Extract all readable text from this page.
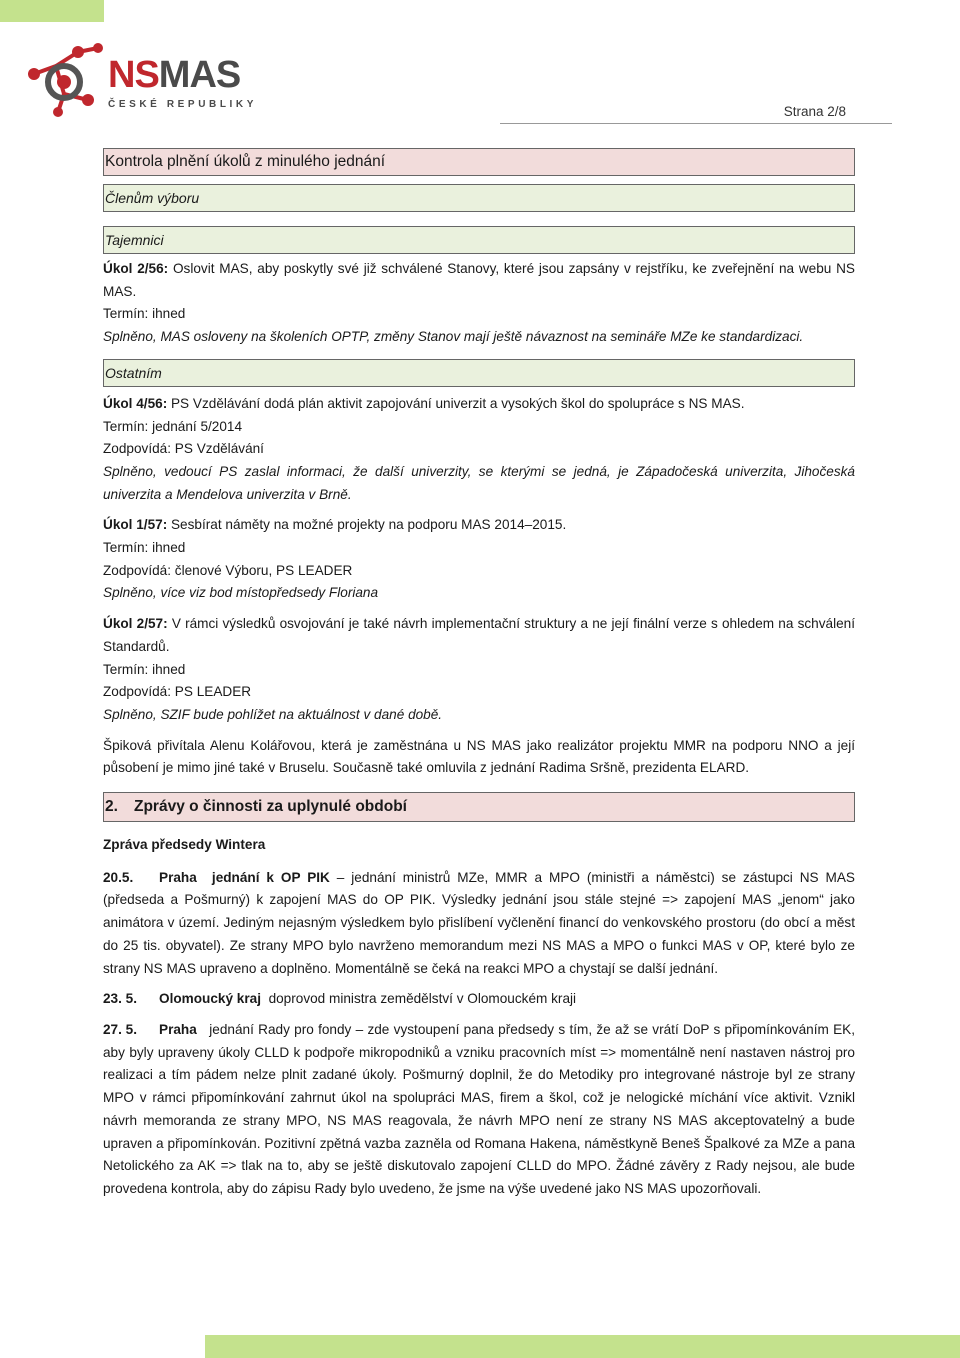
NSMAS
ČESKÉ REPUBLIKY	Strana 2/8
Kontrola plnění úkolů z minulého jednání
Členům výboru
Tajemnici

Úkol 2/56: Oslovit MAS, aby poskytly své již schválené Stanovy, které jsou zapsány v rejstříku, ke zveřejnění na webu NS MAS.

Termín: ihned

Splněno, MAS osloveny na školeních OPTP, změny Stanov mají ještě návaznost na semináře MZe ke standardizaci.

Ostatním

Úkol 4/56: PS Vzdělávání dodá plán aktivit zapojování univerzit a vysokých škol do spolupráce s NS MAS.

Termín: jednání 5/2014

Zodpovídá: PS Vzdělávání

Splněno, vedoucí PS zaslal informaci, že další univerzity, se kterými se jedná, je Západočeská univerzita, Jihočeská univerzita a Mendelova univerzita v Brně.

Úkol 1/57: Sesbírat náměty na možné projekty na podporu MAS 2014–2015.

Termín: ihned

Zodpovídá: členové Výboru, PS LEADER

Splněno, více viz bod místopředsedy Floriana

Úkol 2/57: V rámci výsledků osvojování je také návrh implementační struktury a ne její finální verze s ohledem na schválení Standardů.

Termín: ihned

Zodpovídá: PS LEADER

Splněno, SZIF bude pohlížet na aktuálnost v dané době.

Špiková přivítala Alenu Kolářovou, která je zaměstnána u NS MAS jako realizátor projektu MMR na podporu NNO a její působení je mimo jiné také v Bruselu. Současně také omluvila z jednání Radima Sršně, prezidenta ELARD.

2. Zprávy o činnosti za uplynulé období

Zpráva předsedy Wintera

20.5. Praha jednání k OP PIK – jednání ministrů MZe, MMR a MPO (ministři a náměstci) se zástupci NS MAS (předseda a Pošmurný) k zapojení MAS do OP PIK. Výsledky jednání jsou stále stejné => zapojení MAS „jenom“ jako animátora v území. Jediným nejasným výsledkem bylo přislíbení vyčlenění financí do venkovského prostoru (do obcí a měst do 25 tis. obyvatel). Ze strany MPO bylo navrženo memorandum mezi NS MAS a MPO o funkci MAS v OP, které bylo ze strany NS MAS upraveno a doplněno. Momentálně se čeká na reakci MPO a chystají se další jednání.

23. 5. Olomoucký kraj doprovod ministra zemědělství v Olomouckém kraji

27. 5. Praha jednání Rady pro fondy – zde vystoupení pana předsedy s tím, že až se vrátí DoP s připomínkováním EK, aby byly upraveny úkoly CLLD k podpoře mikropodniků a vzniku pracovních míst => momentálně není nastaven nástroj pro realizaci a tím pádem nelze plnit zadané úkoly. Pošmurný doplnil, že do Metodiky pro integrované nástroje byl ze strany MPO v rámci připomínkování zahrnut úkol na spolupráci MAS, firem a škol, což je nelogické míchání více aktivit. Vznikl návrh memoranda ze strany MPO, NS MAS reagovala, že návrh MPO není ze strany NS MAS akceptovatelný a bude upraven a připomínkován. Pozitivní zpětná vazba zazněla od Romana Hakena, náměstkyně Beneš Špalkové za MZe a pana Netolického za AK => tlak na to, aby se ještě diskutovalo zapojení CLLD do MPO. Žádné závěry z Rady nejsou, ale bude provedena kontrola, aby do zápisu Rady bylo uvedeno, že jsme na výše uvedené jako NS MAS upozorňovali.
